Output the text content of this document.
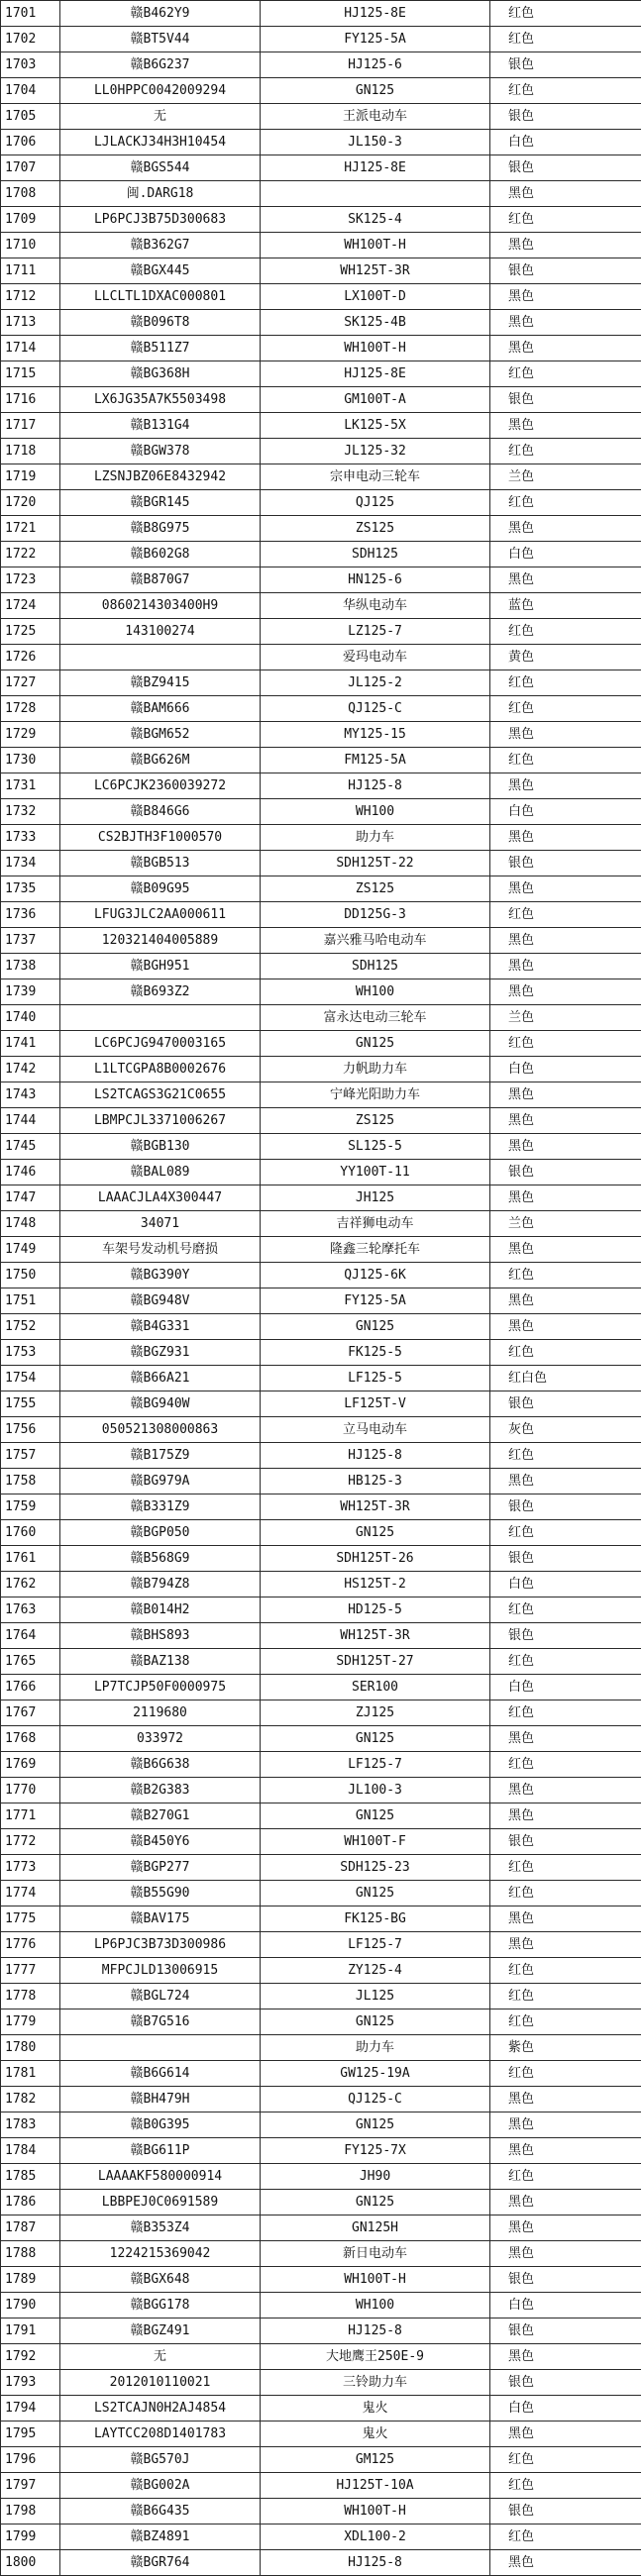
1701	赣B462Y9	HJ125-8E	红色
1702	赣BT5V44	FY125-5A	红色
1703	赣B6G237	HJ125-6	银色
1704	LL0HPPC0042009294	GN125	红色
1705	无	王派电动车	银色
1706	LJLACKJ34H3H10454	JL150-3	白色
1707	赣BGS544	HJ125-8E	银色
1708	闽.DARG18		黑色
1709	LP6PCJ3B75D300683	SK125-4	红色
1710	赣B362G7	WH100T-H	黑色
1711	赣BGX445	WH125T-3R	银色
1712	LLCLTL1DXAC000801	LX100T-D	黑色
1713	赣B096T8	SK125-4B	黑色
1714	赣B511Z7	WH100T-H	黑色
1715	赣BG368H	HJ125-8E	红色
1716	LX6JG35A7K5503498	GM100T-A	银色
1717	赣B131G4	LK125-5X	黑色
1718	赣BGW378	JL125-32	红色
1719	LZSNJBZ06E8432942	宗申电动三轮车	兰色
1720	赣BGR145	QJ125	红色
1721	赣B8G975	ZS125	黑色
1722	赣B602G8	SDH125	白色
1723	赣B870G7	HN125-6	黑色
1724	0860214303400H9	华纵电动车	蓝色
1725	143100274	LZ125-7	红色
1726		爱玛电动车	黄色
1727	赣BZ9415	JL125-2	红色
1728	赣BAM666	QJ125-C	红色
1729	赣BGM652	MY125-15	黑色
1730	赣BG626M	FM125-5A	红色
1731	LC6PCJK2360039272	HJ125-8	黑色
1732	赣B846G6	WH100	白色
1733	CS2BJTH3F1000570	助力车	黑色
1734	赣BGB513	SDH125T-22	银色
1735	赣B09G95	ZS125	黑色
1736	LFUG3JLC2AA000611	DD125G-3	红色
1737	120321404005889	嘉兴雅马哈电动车	黑色
1738	赣BGH951	SDH125	黑色
1739	赣B693Z2	WH100	黑色
1740		富永达电动三轮车	兰色
1741	LC6PCJG9470003165	GN125	红色
1742	L1LTCGPA8B0002676	力帆助力车	白色
1743	LS2TCAGS3G21C0655	宁峰光阳助力车	黑色
1744	LBMPCJL3371006267	ZS125	黑色
1745	赣BGB130	SL125-5	黑色
1746	赣BAL089	YY100T-11	银色
1747	LAAACJLA4X300447	JH125	黑色
1748	34071	吉祥狮电动车	兰色
1749	车架号发动机号磨损	隆鑫三轮摩托车	黑色
1750	赣BG390Y	QJ125-6K	红色
1751	赣BG948V	FY125-5A	黑色
1752	赣B4G331	GN125	黑色
1753	赣BGZ931	FK125-5	红色
1754	赣B66A21	LF125-5	红白色
1755	赣BG940W	LF125T-V	银色
1756	050521308000863	立马电动车	灰色
1757	赣B175Z9	HJ125-8	红色
1758	赣BG979A	HB125-3	黑色
1759	赣B331Z9	WH125T-3R	银色
1760	赣BGP050	GN125	红色
1761	赣B568G9	SDH125T-26	银色
1762	赣B794Z8	HS125T-2	白色
1763	赣B014H2	HD125-5	红色
1764	赣BHS893	WH125T-3R	银色
1765	赣BAZ138	SDH125T-27	红色
1766	LP7TCJP50F0000975	SER100	白色
1767	2119680	ZJ125	红色
1768	033972	GN125	黑色
1769	赣B6G638	LF125-7	红色
1770	赣B2G383	JL100-3	黑色
1771	赣B270G1	GN125	黑色
1772	赣B450Y6	WH100T-F	银色
1773	赣BGP277	SDH125-23	红色
1774	赣B55G90	GN125	红色
1775	赣BAV175	FK125-BG	黑色
1776	LP6PJC3B73D300986	LF125-7	黑色
1777	MFPCJLD13006915	ZY125-4	红色
1778	赣BGL724	JL125	红色
1779	赣B7G516	GN125	红色
1780		助力车	紫色
1781	赣B6G614	GW125-19A	红色
1782	赣BH479H	QJ125-C	黑色
1783	赣B0G395	GN125	黑色
1784	赣BG611P	FY125-7X	黑色
1785	LAAAAKF580000914	JH90	红色
1786	LBBPEJ0C0691589	GN125	黑色
1787	赣B353Z4	GN125H	黑色
1788	1224215369042	新日电动车	黑色
1789	赣BGX648	WH100T-H	银色
1790	赣BGG178	WH100	白色
1791	赣BGZ491	HJ125-8	银色
1792	无	大地鹰王250E-9	黑色
1793	2012010110021	三铃助力车	银色
1794	LS2TCAJN0H2AJ4854	鬼火	白色
1795	LAYTCC208D1401783	鬼火	黑色
1796	赣BG570J	GM125	红色
1797	赣BG002A	HJ125T-10A	红色
1798	赣B6G435	WH100T-H	银色
1799	赣BZ4891	XDL100-2	红色
1800	赣BGR764	HJ125-8	黑色
